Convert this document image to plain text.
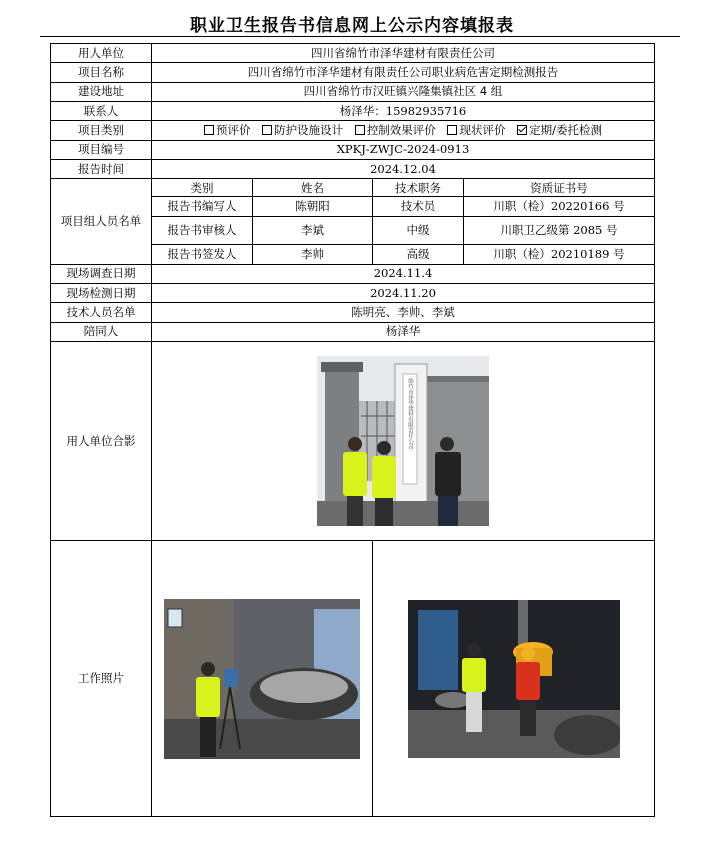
职业卫生报告书信息网上公示内容填报表
用人单位	四川省绵竹市泽华建材有限责任公司			
项目名称	四川省绵竹市泽华建材有限责任公司职业病危害定期检测报告			
建设地址	四川省绵竹市汉旺镇兴隆集镇社区 4 组			
联系人	杨泽华：15982935716			
项目类别	预评价 防护设施设计 控制效果评价 现状评价 定期/委托检测			
项目编号	XPKJ-ZWJC-2024-0913			
报告时间	2024.12.04			
项目组人员名单	类别	姓名	技术职务	资质证书号
	报告书编写人	陈朝阳	技术员	川职（检）20220166 号
	报告书审核人	李斌	中级	川职卫乙级第 2085 号
	报告书签发人	李帅	高级	川职（检）20210189 号
现场调查日期	2024.11.4			
现场检测日期	2024.11.20			
技术人员名单	陈明亮、李帅、李斌			
陪同人	杨泽华			
用人单位合影	绵竹市泽华建材有限责任公司			

工作照片	
